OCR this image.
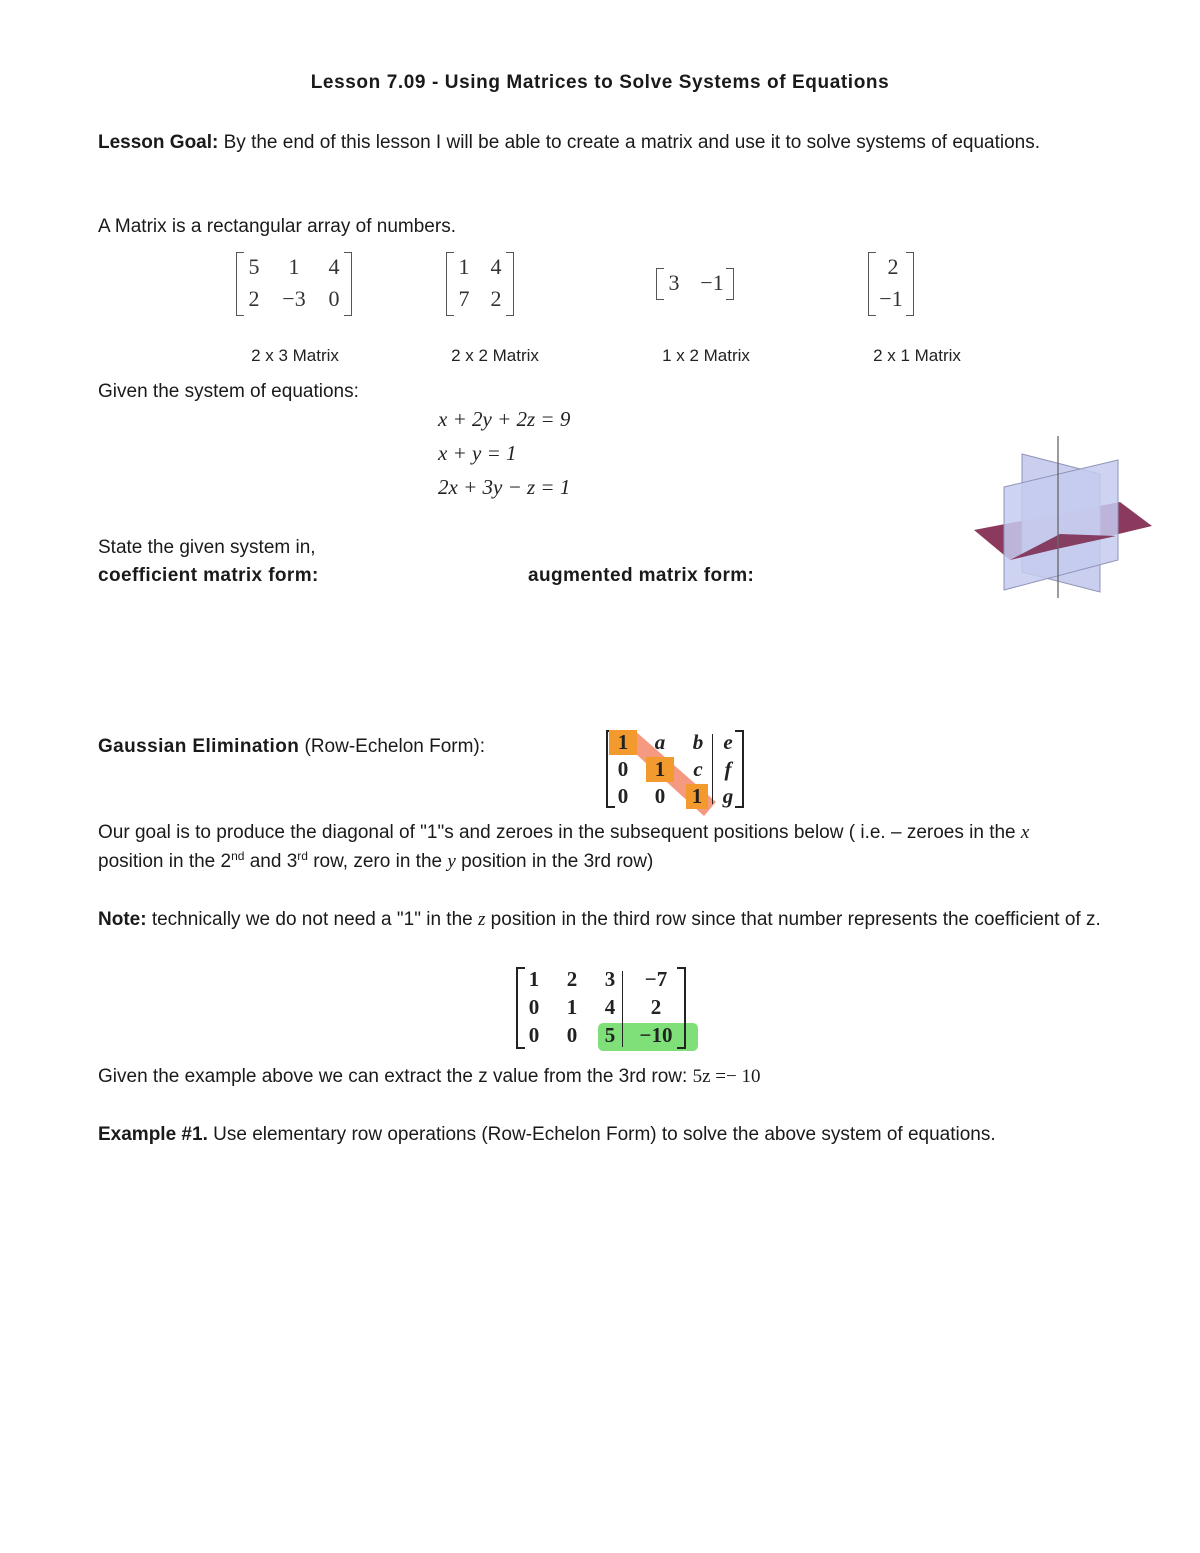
Lesson 7.09 - Using Matrices to Solve Systems of Equations
Lesson Goal: By the end of this lesson I will be able to create a matrix and use it to solve systems of equations.
A Matrix is a rectangular array of numbers.
5 1 4
2 −3 0
2 x 3 Matrix
1 4
7 2
2 x 2 Matrix
3 −1
1 x 2 Matrix
2
−1
2 x 1 Matrix
Given the system of equations:
x + 2y + 2z = 9
x + y = 1
2x + 3y − z = 1
State the given system in,
coefficient matrix form:	augmented matrix form:
Gaussian Elimination (Row-Echelon Form):	1	a	b e
0	1	c	f
0	0	1 g
Our goal is to produce the diagonal of "1"s and zeroes in the subsequent positions below ( i.e. – zeroes in the x position in the 2nd and 3rd row, zero in the y position in the 3rd row)
Note: technically we do not need a "1" in the z position in the third row since that number represents the coefficient of z.
1	2	3	−7
0	1	4	2
0	0	5	−10
Given the example above we can extract the z value from the 3rd row: 5z =− 10
Example #1. Use elementary row operations (Row-Echelon Form) to solve the above system of equations.
